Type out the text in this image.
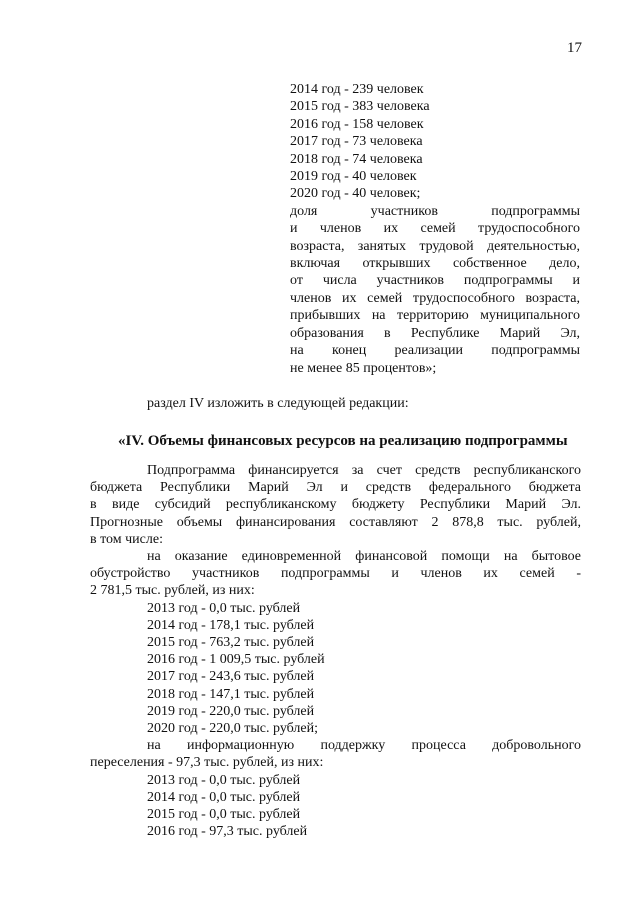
17
2014 год - 239 человек
2015 год - 383 человека
2016 год - 158 человек
2017 год - 73 человека
2018 год - 74 человека
2019 год - 40 человек
2020 год - 40 человек;
доля участников подпрограммы
и членов их семей трудоспособного
возраста, занятых трудовой деятельностью,
включая открывших собственное дело,
от числа участников подпрограммы и
членов их семей трудоспособного возраста,
прибывших на территорию муниципального
образования в Республике Марий Эл,
на конец реализации подпрограммы
не менее 85 процентов»;
раздел IV изложить в следующей редакции:
«IV. Объемы финансовых ресурсов на реализацию подпрограммы
Подпрограмма финансируется за счет средств республиканского
бюджета Республики Марий Эл и средств федерального бюджета
в виде субсидий республиканскому бюджету Республики Марий Эл.
Прогнозные объемы финансирования составляют 2 878,8 тыс. рублей,
в том числе:
на оказание единовременной финансовой помощи на бытовое
обустройство участников подпрограммы и членов их семей -
2 781,5 тыс. рублей, из них:
2013 год - 0,0 тыс. рублей
2014 год - 178,1 тыс. рублей
2015 год - 763,2 тыс. рублей
2016 год - 1 009,5 тыс. рублей
2017 год - 243,6 тыс. рублей
2018 год - 147,1 тыс. рублей
2019 год - 220,0 тыс. рублей
2020 год - 220,0 тыс. рублей;
на информационную поддержку процесса добровольного
переселения - 97,3 тыс. рублей, из них:
2013 год - 0,0 тыс. рублей
2014 год - 0,0 тыс. рублей
2015 год - 0,0 тыс. рублей
2016 год - 97,3 тыс. рублей
